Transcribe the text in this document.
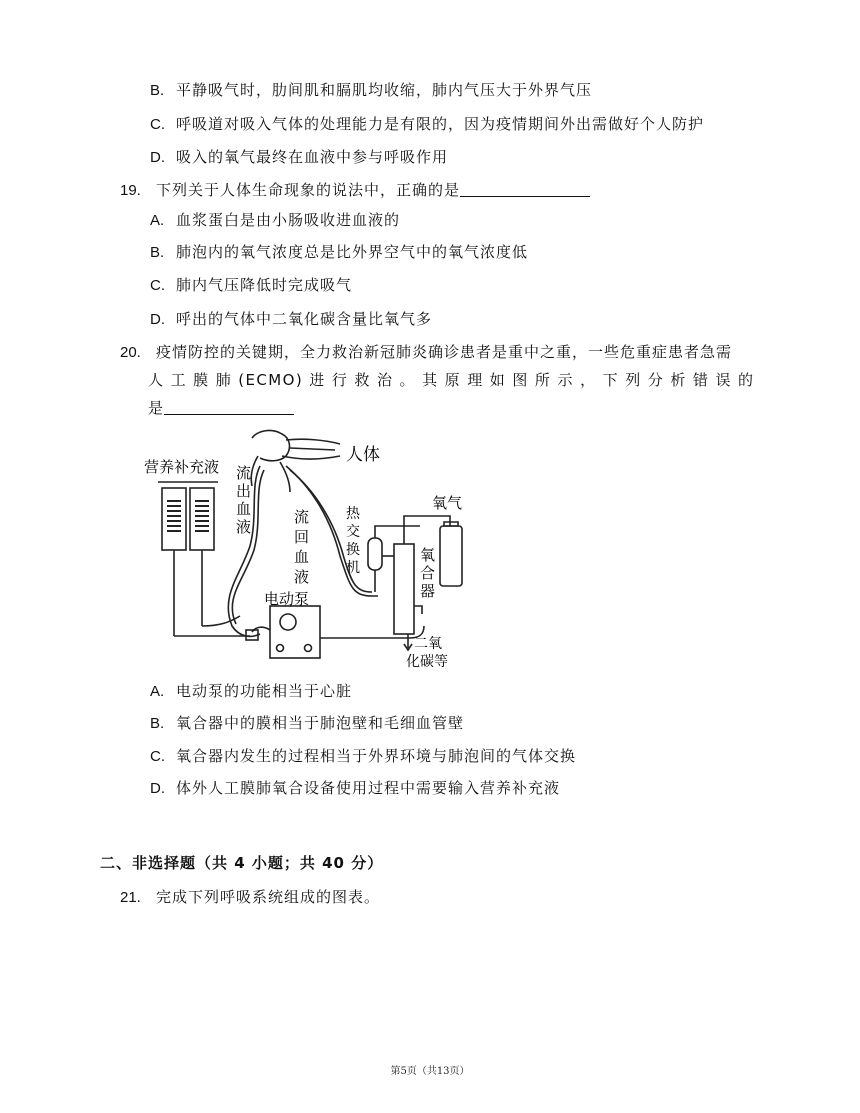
B. 平静吸气时，肋间肌和膈肌均收缩，肺内气压大于外界气压
C. 呼吸道对吸入气体的处理能力是有限的，因为疫情期间外出需做好个人防护
D. 吸入的氧气最终在血液中参与呼吸作用
19. 下列关于人体生命现象的说法中，正确的是
A. 血浆蛋白是由小肠吸收进血液的
B. 肺泡内的氧气浓度总是比外界空气中的氧气浓度低
C. 肺内气压降低时完成吸气
D. 呼出的气体中二氧化碳含量比氧气多
20. 疫情防控的关键期，全力救治新冠肺炎确诊患者是重中之重，一些危重症患者急需
人 工 膜 肺 (ECMO) 进 行 救 治 。 其 原 理 如 图 所 示 ， 下 列 分 析 错 误 的
是
人体
营养补充液 流 出 血 液
流 回 血 液
热 交 换 机
氧 合 器
氧气
电动泵
二氧 化碳等
A. 电动泵的功能相当于心脏
B. 氧合器中的膜相当于肺泡壁和毛细血管壁
C. 氧合器内发生的过程相当于外界环境与肺泡间的气体交换
D. 体外人工膜肺氧合设备使用过程中需要输入营养补充液
二、非选择题（共 4 小题；共 40 分）
21. 完成下列呼吸系统组成的图表。
第5页（共13页）
